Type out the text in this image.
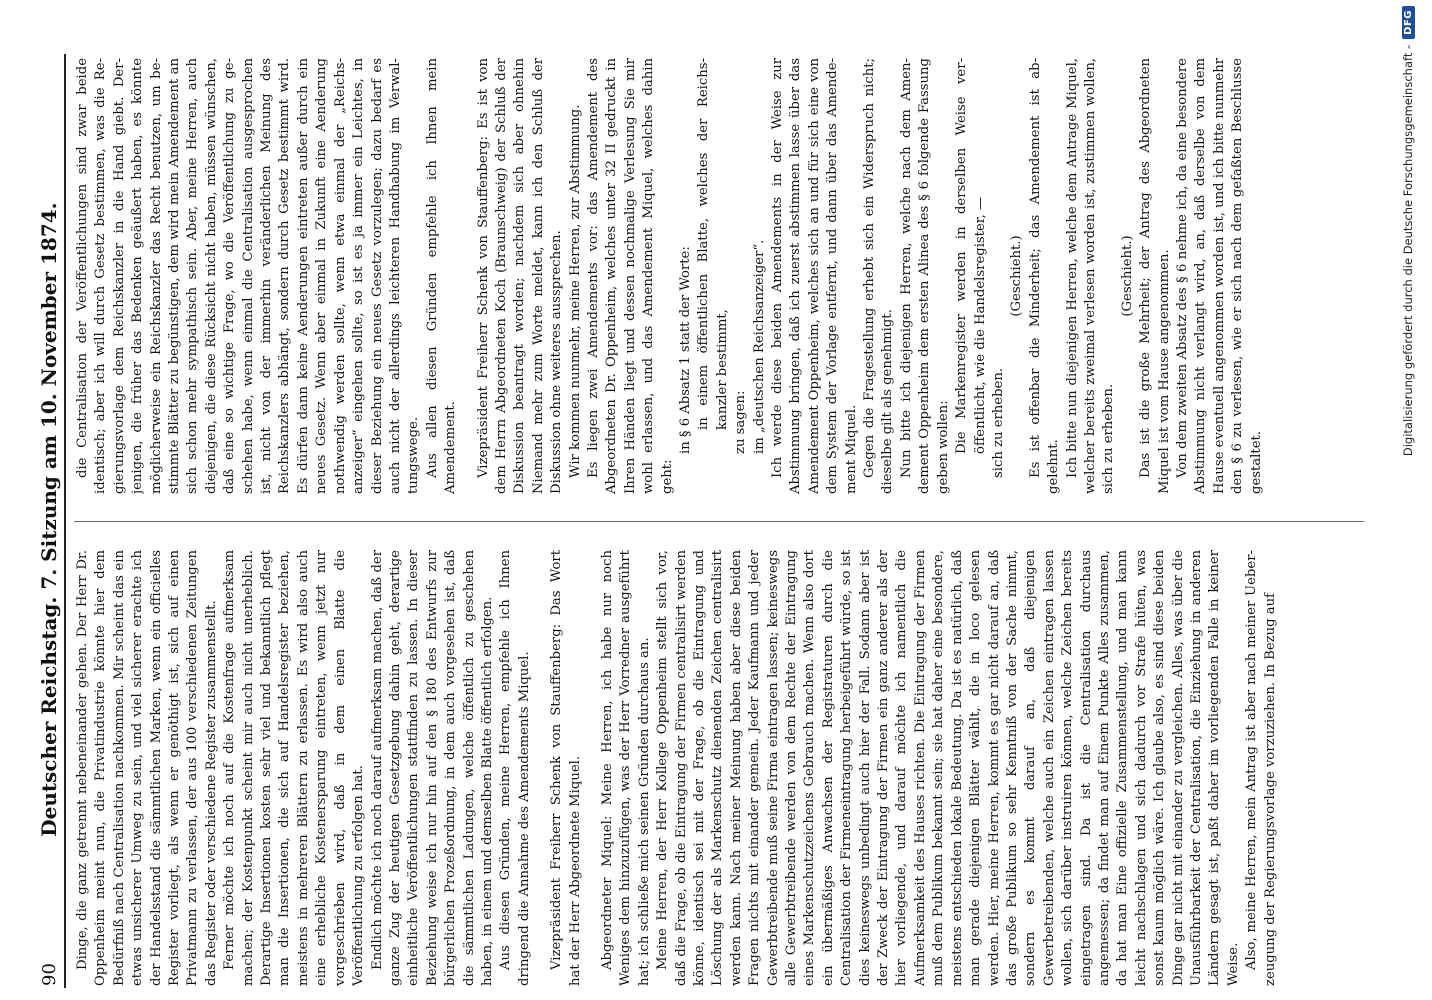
90
Deutscher Reichstag. 7. Sitzung am 10. November 1874. Dinge, die ganz getrennt nebeneinander gehen. Der Herr Dr. Oppenheim meint nun, die Privatindustrie könnte hier dem Bedürfniß nach Centralisation nachkommen. Mir scheint das ein etwas unsicherer Umweg zu sein, und viel sicherer erachte ich der Handelsstand die sämmtlichen Marken, wenn ein officielles Register vorliegt, als wenn er genöthigt ist, sich auf einen Privatmann zu verlassen, der aus 100 verschiedenen Zeitungen das Register oder verschiedene Register zusammenstellt. Ferner möchte ich noch auf die Kostenfrage aufmerksam machen; der Kostenpunkt scheint mir auch nicht unerheblich. Derartige Insertionen kosten sehr viel und bekanntlich pflegt man die Insertionen, die sich auf Handelsregister beziehen, meistens in mehreren Blättern zu erlassen. Es wird also auch eine erhebliche Kostenersparung eintreten, wenn jetzt nur vorgeschrieben wird, daß in dem einen Blatte die Veröffentlichung zu erfolgen hat. Endlich möchte ich noch darauf aufmerksam machen, daß der ganze Zug der heutigen Gesetzgebung dahin geht, derartige einheitliche Veröffentlichungen stattfinden zu lassen. In dieser Beziehung weise ich nur hin auf den § 180 des Entwurfs zur bürgerlichen Prozeßordnung, in dem auch vorgesehen ist, daß die sämmtlichen Ladungen, welche öffentlich zu geschehen haben, in einem und demselben Blatte öffentlich erfolgen. Aus diesen Gründen, meine Herren, empfehle ich Ihnen dringend die Annahme des Amendements Miquel. Vizepräsident Freiherr Schenk von Stauffenberg: Das Wort hat der Herr Abgeordnete Miquel. Abgeordneter Miquel: Meine Herren, ich habe nur noch Weniges dem hinzuzufügen, was der Herr Vorredner ausgeführt hat; ich schließe mich seinen Gründen durchaus an. Meine Herren, der Herr Kollege Oppenheim stellt sich vor, daß die Frage, ob die Eintragung der Firmen centralisirt werden könne, identisch sei mit der Frage, ob die Eintragung und Löschung der als Markenschutz dienenden Zeichen centralisirt werden kann. Nach meiner Meinung haben aber diese beiden Fragen nichts mit einander gemein. Jeder Kaufmann und jeder Gewerbtreibende muß seine Firma eintragen lassen; keineswegs alle Gewerbtreibende werden von dem Rechte der Eintragung eines Markenschutzzeichens Gebrauch machen. Wenn also dort ein übermäßiges Anwachsen der Registraturen durch die Centralisation der Firmeneintragung herbeigeführt würde, so ist dies keineswegs unbedingt auch hier der Fall. Sodann aber ist der Zweck der Eintragung der Firmen ein ganz anderer als der hier vorliegende, und darauf möchte ich namentlich die Aufmerksamkeit des Hauses richten. Die Eintragung der Firmen muß dem Publikum bekannt sein; sie hat daher eine besondere, meistens entschieden lokale Bedeutung. Da ist es natürlich, daß man gerade diejenigen Blätter wählt, die in loco gelesen werden. Hier, meine Herren, kommt es gar nicht darauf an, daß das große Publikum so sehr Kenntniß von der Sache nimmt, sondern es kommt darauf an, daß diejenigen Gewerbetreibenden, welche auch ein Zeichen eintragen lassen wollen, sich darüber instruiren können, welche Zeichen bereits eingetragen sind. Da ist die Centralisation durchaus angemessen; da findet man auf Einem Punkte Alles zusammen, da hat man Eine offizielle Zusammenstellung, und man kann leicht nachschlagen und sich dadurch vor Strafe hüten, was sonst kaum möglich wäre. Ich glaube also, es sind diese beiden Dinge gar nicht mit einander zu vergleichen. Alles, was über die Unausführbarkeit der Centralisation, die Einziehung in anderen Ländern gesagt ist, paßt daher im vorliegenden Falle in keiner Weise. Also, meine Herren, mein Antrag ist aber nach meiner Ueberzeugung der Regierungsvorlage vorzuziehen. In Bezug auf

die Centralisation der Veröffentlichungen sind zwar beide identisch; aber ich will durch Gesetz bestimmen, was die Regierungsvorlage dem Reichskanzler in die Hand giebt. Derjenigen, die früher das Bedenken geäußert haben, es könnte möglicherweise ein Reichskanzler das Recht benutzen, um bestimmte Blätter zu begünstigen, dem wird mein Amendement an sich schon mehr sympathisch sein. Aber, meine Herren, auch diejenigen, die diese Rücksicht nicht haben, müssen wünschen, daß eine so wichtige Frage, wo die Veröffentlichung zu geschehen habe, wenn einmal die Centralisation ausgesprochen ist, nicht von der immerhin veränderlichen Meinung des Reichskanzlers abhängt, sondern durch Gesetz bestimmt wird. Es dürfen dann keine Aenderungen eintreten außer durch ein neues Gesetz. Wenn aber einmal in Zukunft eine Aenderung nothwendig werden sollte, wenn etwa einmal der „Reichsanzeiger“ eingehen sollte, so ist es ja immer ein Leichtes, in dieser Beziehung ein neues Gesetz vorzulegen; dazu bedarf es auch nicht der allerdings leichteren Handhabung im Verwaltungswege. Aus allen diesen Gründen empfehle ich Ihnen mein Amendement. Vizepräsident Freiherr Schenk von Stauffenberg: Es ist von dem Herrn Abgeordneten Koch (Braunschweig) der Schluß der Diskussion beantragt worden; nachdem sich aber ohnehin Niemand mehr zum Worte meldet, kann ich den Schluß der Diskussion ohne weiteres aussprechen. Wir kommen nunmehr, meine Herren, zur Abstimmung. Es liegen zwei Amendements vor: das Amendement des Abgeordneten Dr. Oppenheim, welches unter 32 II gedruckt in Ihren Händen liegt und dessen nochmalige Verlesung Sie mir wohl erlassen, und das Amendement Miquel, welches dahin geht:

in § 6 Absatz 1 statt der Worte: in einem öffentlichen Blatte, welches der Reichskanzler bestimmt, zu sagen: im „deutschen Reichsanzeiger“. Ich werde diese beiden Amendements in der Weise zur Abstimmung bringen, daß ich zuerst abstimmen lasse über das Amendement Oppenheim, welches sich an und für sich eine von dem System der Vorlage entfernt, und dann über das Amendement Miquel. Gegen die Fragestellung erhebt sich ein Widerspruch nicht; dieselbe gilt als genehmigt. Nun bitte ich diejenigen Herren, welche nach dem Amendement Oppenheim dem ersten Alinea des § 6 folgende Fassung geben wollen: Die Markenregister werden in derselben Weise veröffentlicht, wie die Handelsregister, — sich zu erheben.

(Geschieht.) Es ist offenbar die Minderheit; das Amendement ist abgelehnt. Ich bitte nun diejenigen Herren, welche dem Antrage Miquel, welcher bereits zweimal verlesen worden ist, zustimmen wollen, sich zu erheben.

(Geschieht.) Das ist die große Mehrheit; der Antrag des Abgeordneten Miquel ist vom Hause angenommen. Von dem zweiten Absatz des § 6 nehme ich, da eine besondere Abstimmung nicht verlangt wird, an, daß derselbe von dem Hause eventuell angenommen worden ist, und ich bitte nunmehr den § 6 zu verlesen, wie er sich nach dem gefaßten Beschlusse gestaltet.

Digitalisierung gefördert durch die Deutsche Forschungsgemeinschaft -
DFG
